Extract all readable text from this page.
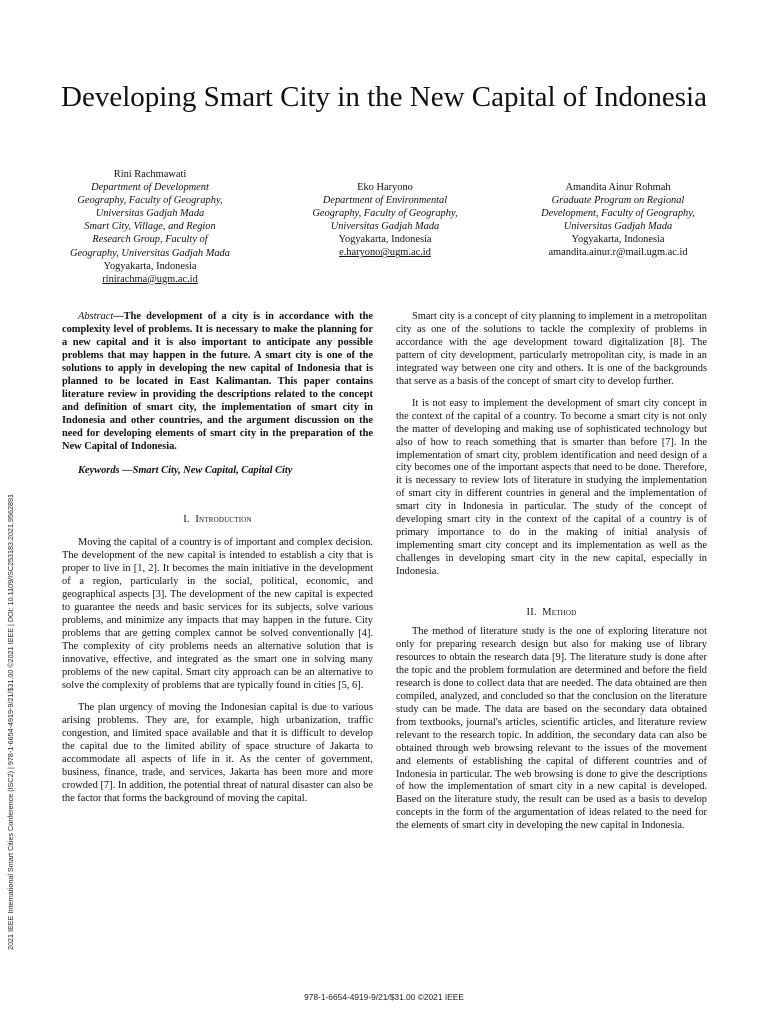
Developing Smart City in the New Capital of Indonesia
Rini Rachmawati
Department of Development
Geography, Faculty of Geography,
Universitas Gadjah Mada
Smart City, Village, and Region
Research Group, Faculty of
Geography, Universitas Gadjah Mada
Yogyakarta, Indonesia
rinirachma@ugm.ac.id
Eko Haryono
Department of Environmental
Geography, Faculty of Geography,
Universitas Gadjah Mada
Yogyakarta, Indonesia
e.haryono@ugm.ac.id
Amandita Ainur Rohmah
Graduate Program on Regional
Development, Faculty of Geography,
Universitas Gadjah Mada
Yogyakarta, Indonesia
amandita.ainur.r@mail.ugm.ac.id
Abstract—The development of a city is in accordance with the complexity level of problems. It is necessary to make the planning for a new capital and it is also important to anticipate any possible problems that may happen in the future. A smart city is one of the solutions to apply in developing the new capital of Indonesia that is planned to be located in East Kalimantan. This paper contains literature review in providing the descriptions related to the concept and definition of smart city, the implementation of smart city in Indonesia and other countries, and the argument discussion on the need for developing elements of smart city in the preparation of the New Capital of Indonesia.
Keywords —Smart City, New Capital, Capital City
I. Introduction

Moving the capital of a country is of important and complex decision. The development of the new capital is intended to establish a city that is proper to live in [1, 2]. It becomes the main initiative in the development of a region, particularly in the social, political, economic, and geographical aspects [3]. The development of the new capital is expected to guarantee the needs and basic services for its subjects, solve various problems, and minimize any impacts that may happen in the future. City problems that are getting complex cannot be solved conventionally [4]. The complexity of city problems needs an alternative solution that is innovative, effective, and integrated as the smart one in solving many problems of the new capital. Smart city approach can be an alternative to solve the complexity of problems that are typically found in cities [5, 6].

The plan urgency of moving the Indonesian capital is due to various arising problems. They are, for example, high urbanization, traffic congestion, and limited space available and that it is difficult to develop the capital due to the limited ability of space structure of Jakarta to accommodate all aspects of life in it. As the center of government, business, finance, trade, and services, Jakarta has been more and more crowded [7]. In addition, the potential threat of natural disaster can also be the factor that forms the background of moving the capital.

Smart city is a concept of city planning to implement in a metropolitan city as one of the solutions to tackle the complexity of problems in accordance with the age development toward digitalization [8]. The pattern of city development, particularly metropolitan city, is made in an integrated way between one city and others. It is one of the backgrounds that serve as a basis of the concept of smart city to develop further.

It is not easy to implement the development of smart city concept in the context of the capital of a country. To become a smart city is not only the matter of developing and making use of sophisticated technology but also of how to reach something that is smarter than before [7]. In the implementation of smart city, problem identification and need design of a city becomes one of the important aspects that need to be done. Therefore, it is necessary to review lots of literature in studying the implementation of smart city in different countries in general and the implementation of smart city in Indonesia in particular. The study of the concept of developing smart city in the context of the capital of a country is of primary importance to do in the making of initial analysis of implementing smart city concept and its implementation as well as the challenges in developing smart city in the new capital, especially in Indonesia.

II. Method

The method of literature study is the one of exploring literature not only for preparing research design but also for making use of library resources to obtain the research data [9]. The literature study is done after the topic and the problem formulation are determined and before the field research is done to collect data that are needed. The data obtained are then compiled, analyzed, and concluded so that the conclusion on the literature study can be made. The data are based on the secondary data obtained from textbooks, journal's articles, scientific articles, and literature review relevant to the research topic. In addition, the secondary data can also be obtained through web browsing relevant to the issues of the movement and elements of establishing the capital of different countries and of Indonesia in particular. The web browsing is done to give the descriptions of how the implementation of smart city in a new capital is developed. Based on the literature study, the result can be used as a basis to develop concepts in the form of the argumentation of ideas related to the need for the elements of smart city in developing the new capital in Indonesia.

2021 IEEE International Smart Cities Conference (ISC2) | 978-1-6654-4919-9/21/$31.00 ©2021 IEEE | DOI: 10.1109/ISC253183.2021.9562891
978-1-6654-4919-9/21/$31.00 ©2021 IEEE
